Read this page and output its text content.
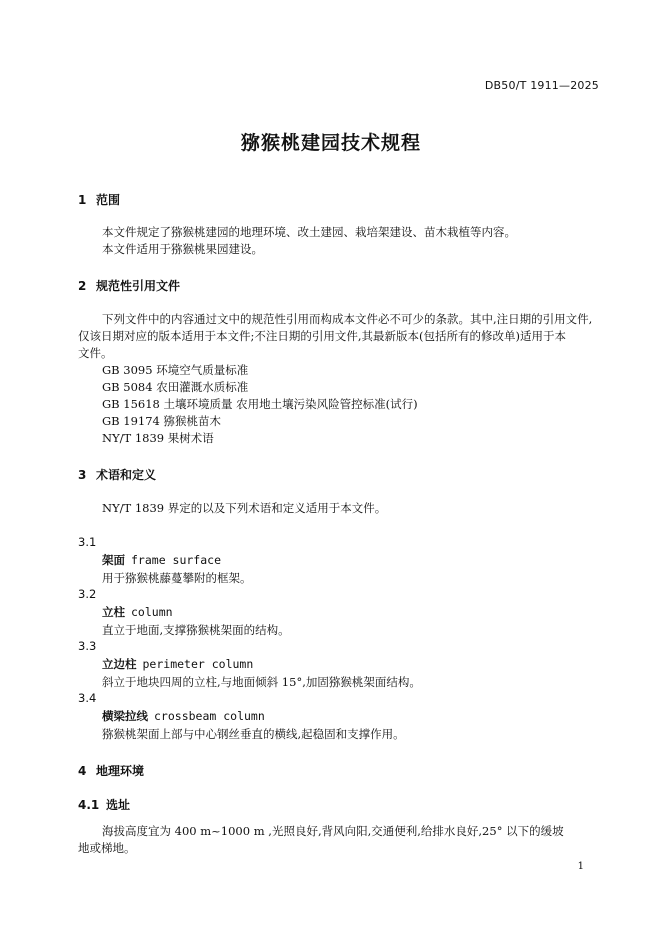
DB50/T 1911—2025
猕猴桃建园技术规程
1 范围
本文件规定了猕猴桃建园的地理环境、改土建园、栽培架建设、苗木栽植等内容。
本文件适用于猕猴桃果园建设。
2 规范性引用文件
下列文件中的内容通过文中的规范性引用而构成本文件必不可少的条款。其中,注日期的引用文件,
仅该日期对应的版本适用于本文件;不注日期的引用文件,其最新版本(包括所有的修改单)适用于本
文件。
GB 3095 环境空气质量标准
GB 5084 农田灌溉水质标准
GB 15618 土壤环境质量 农用地土壤污染风险管控标准(试行)
GB 19174 猕猴桃苗木
NY/T 1839 果树术语
3 术语和定义
NY/T 1839 界定的以及下列术语和定义适用于本文件。
3.1
架面 frame surface
用于猕猴桃藤蔓攀附的框架。
3.2
立柱 column
直立于地面,支撑猕猴桃架面的结构。
3.3
立边柱 perimeter column
斜立于地块四周的立柱,与地面倾斜 15°,加固猕猴桃架面结构。
3.4
横梁拉线 crossbeam column
猕猴桃架面上部与中心钢丝垂直的横线,起稳固和支撑作用。
4 地理环境
4.1 选址
海拔高度宜为 400 m~1000 m ,光照良好,背风向阳,交通便利,给排水良好,25° 以下的缓坡
地或梯地。
1
